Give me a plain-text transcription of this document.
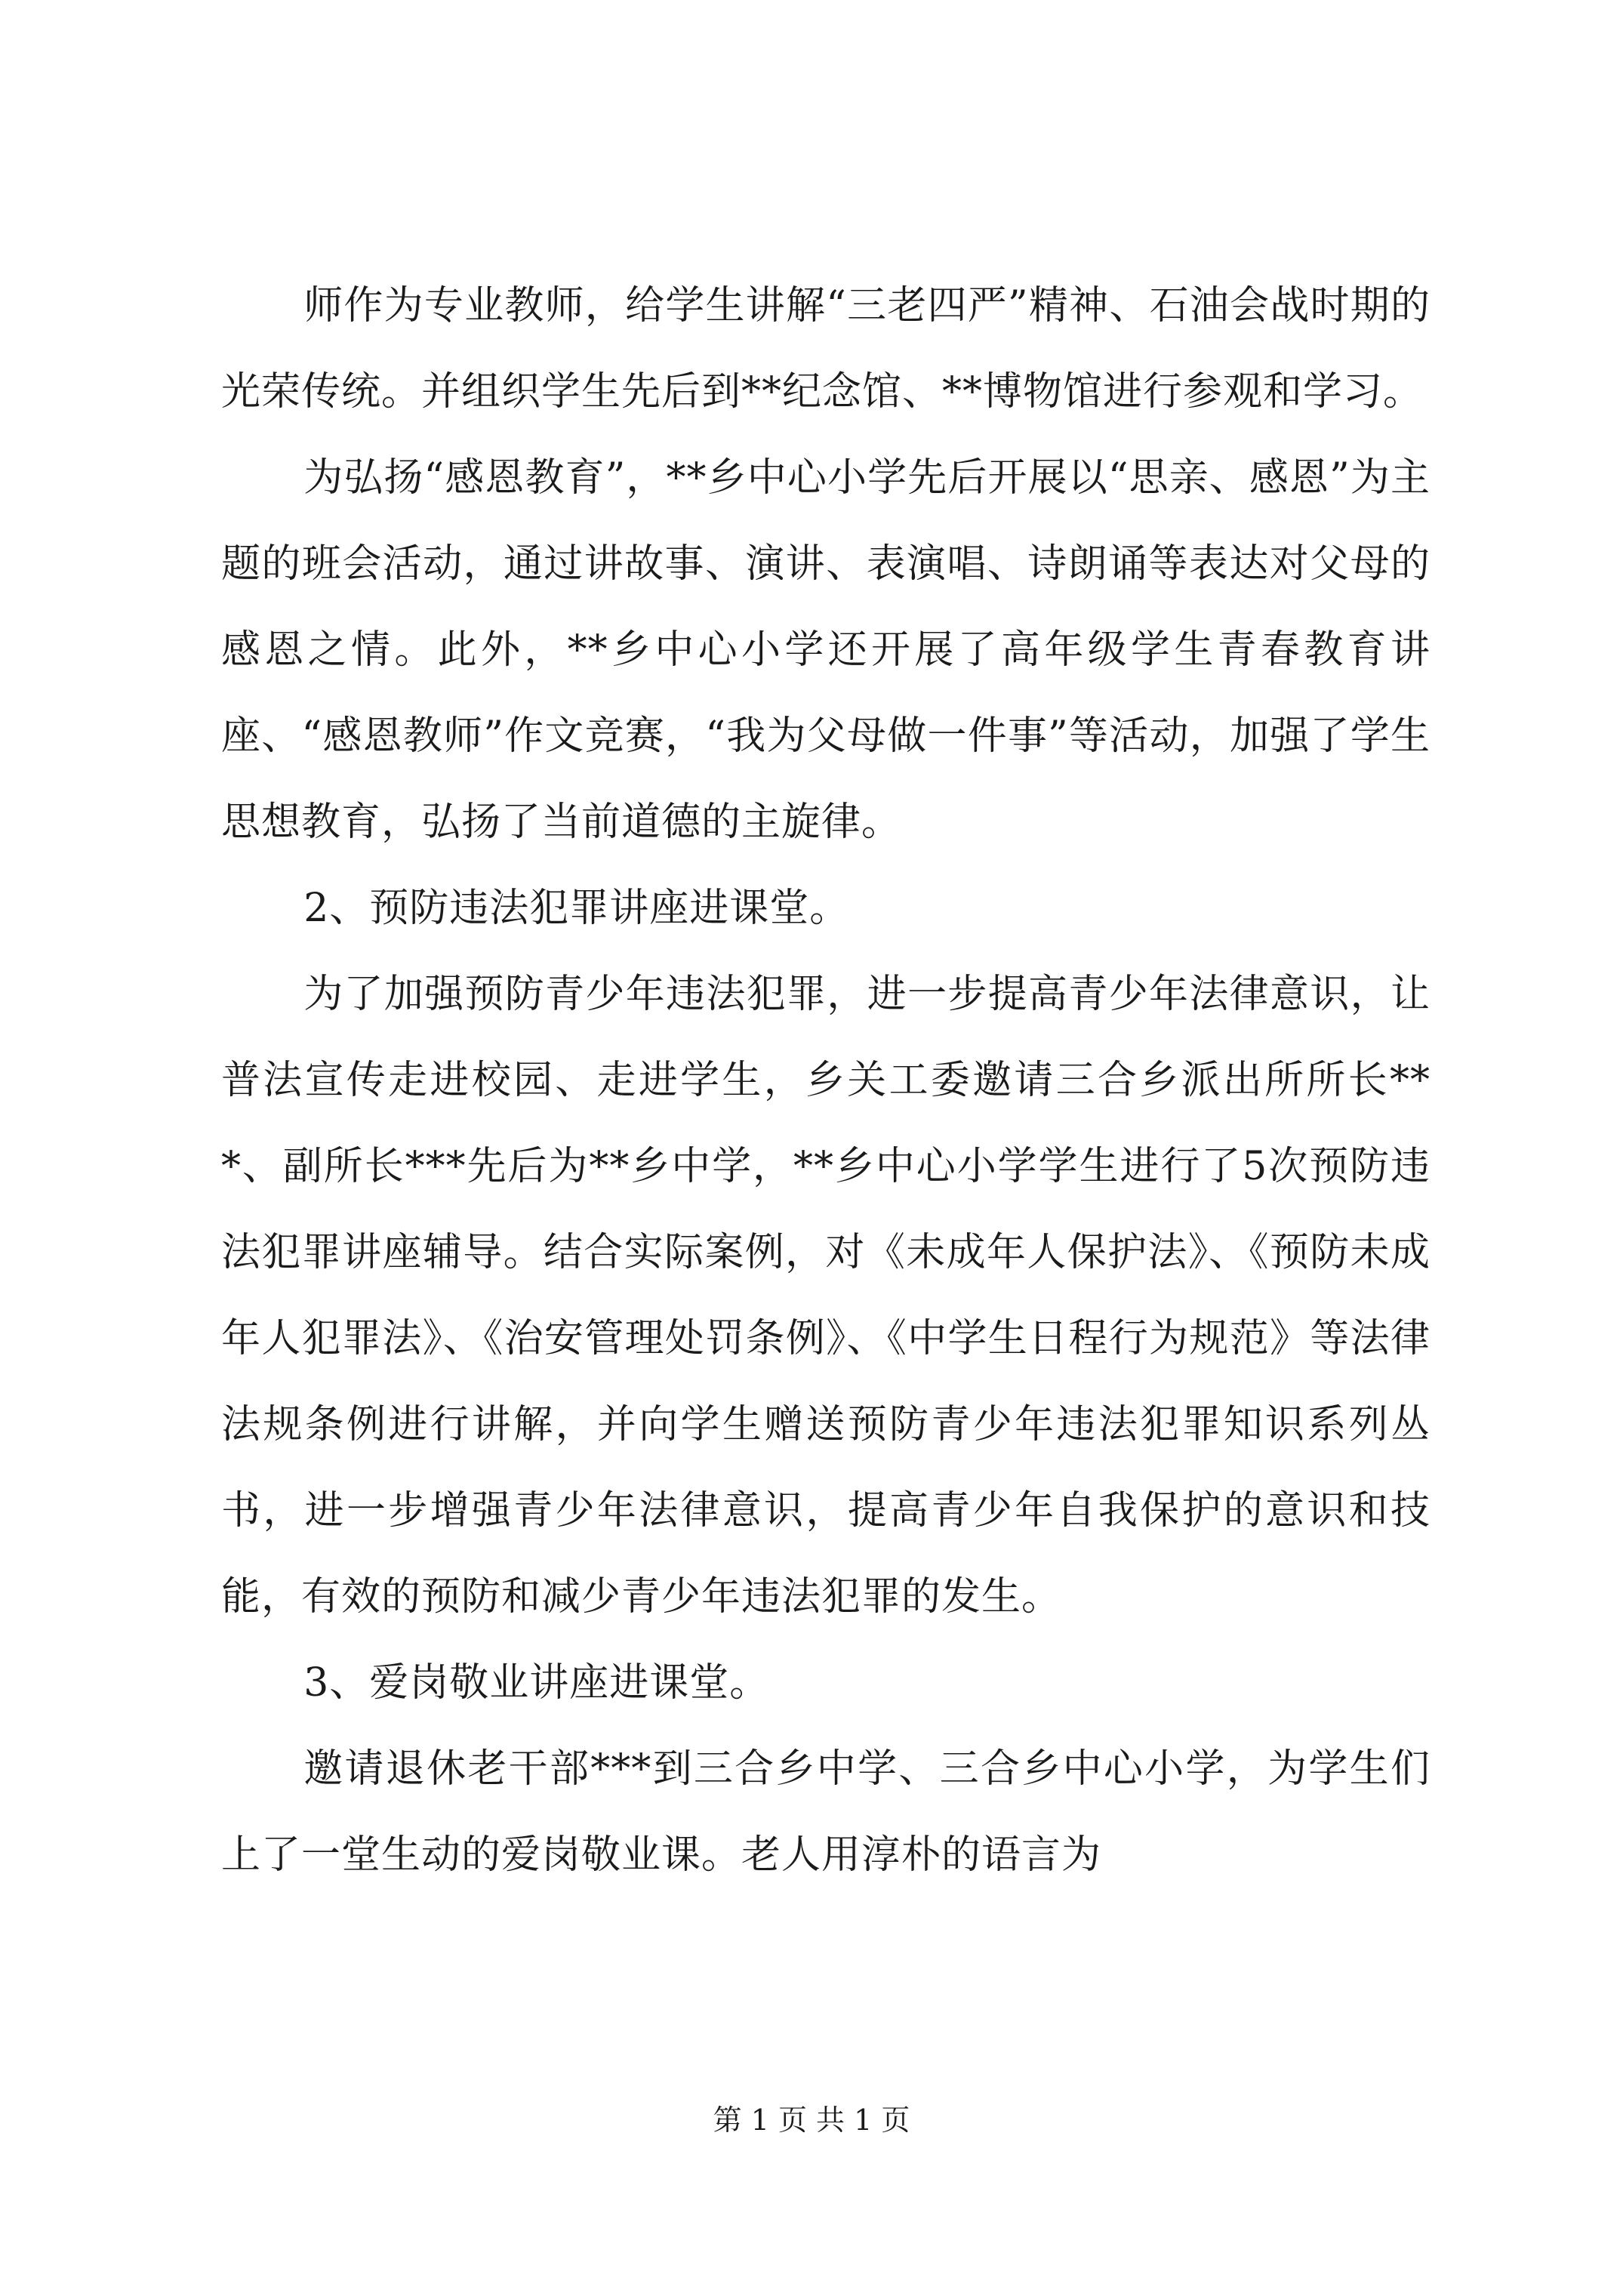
师作为专业教师，给学生讲解“三老四严”精神、石油会战时期的光荣传统。并组织学生先后到**纪念馆、**博物馆进行参观和学习。

为弘扬“感恩教育”，**乡中心小学先后开展以“思亲、感恩”为主题的班会活动，通过讲故事、演讲、表演唱、诗朗诵等表达对父母的感恩之情。此外，**乡中心小学还开展了高年级学生青春教育讲座、“感恩教师”作文竞赛，“我为父母做一件事”等活动，加强了学生思想教育，弘扬了当前道德的主旋律。

2、预防违法犯罪讲座进课堂。

为了加强预防青少年违法犯罪，进一步提高青少年法律意识，让普法宣传走进校园、走进学生，乡关工委邀请三合乡派出所所长***、副所长***先后为**乡中学，**乡中心小学学生进行了5次预防违法犯罪讲座辅导。结合实际案例，对《未成年人保护法》、《预防未成年人犯罪法》、《治安管理处罚条例》、《中学生日程行为规范》等法律法规条例进行讲解，并向学生赠送预防青少年违法犯罪知识系列丛书，进一步增强青少年法律意识，提高青少年自我保护的意识和技能，有效的预防和减少青少年违法犯罪的发生。

3、爱岗敬业讲座进课堂。

邀请退休老干部***到三合乡中学、三合乡中心小学，为学生们上了一堂生动的爱岗敬业课。老人用淳朴的语言为

第 1 页 共 1 页
